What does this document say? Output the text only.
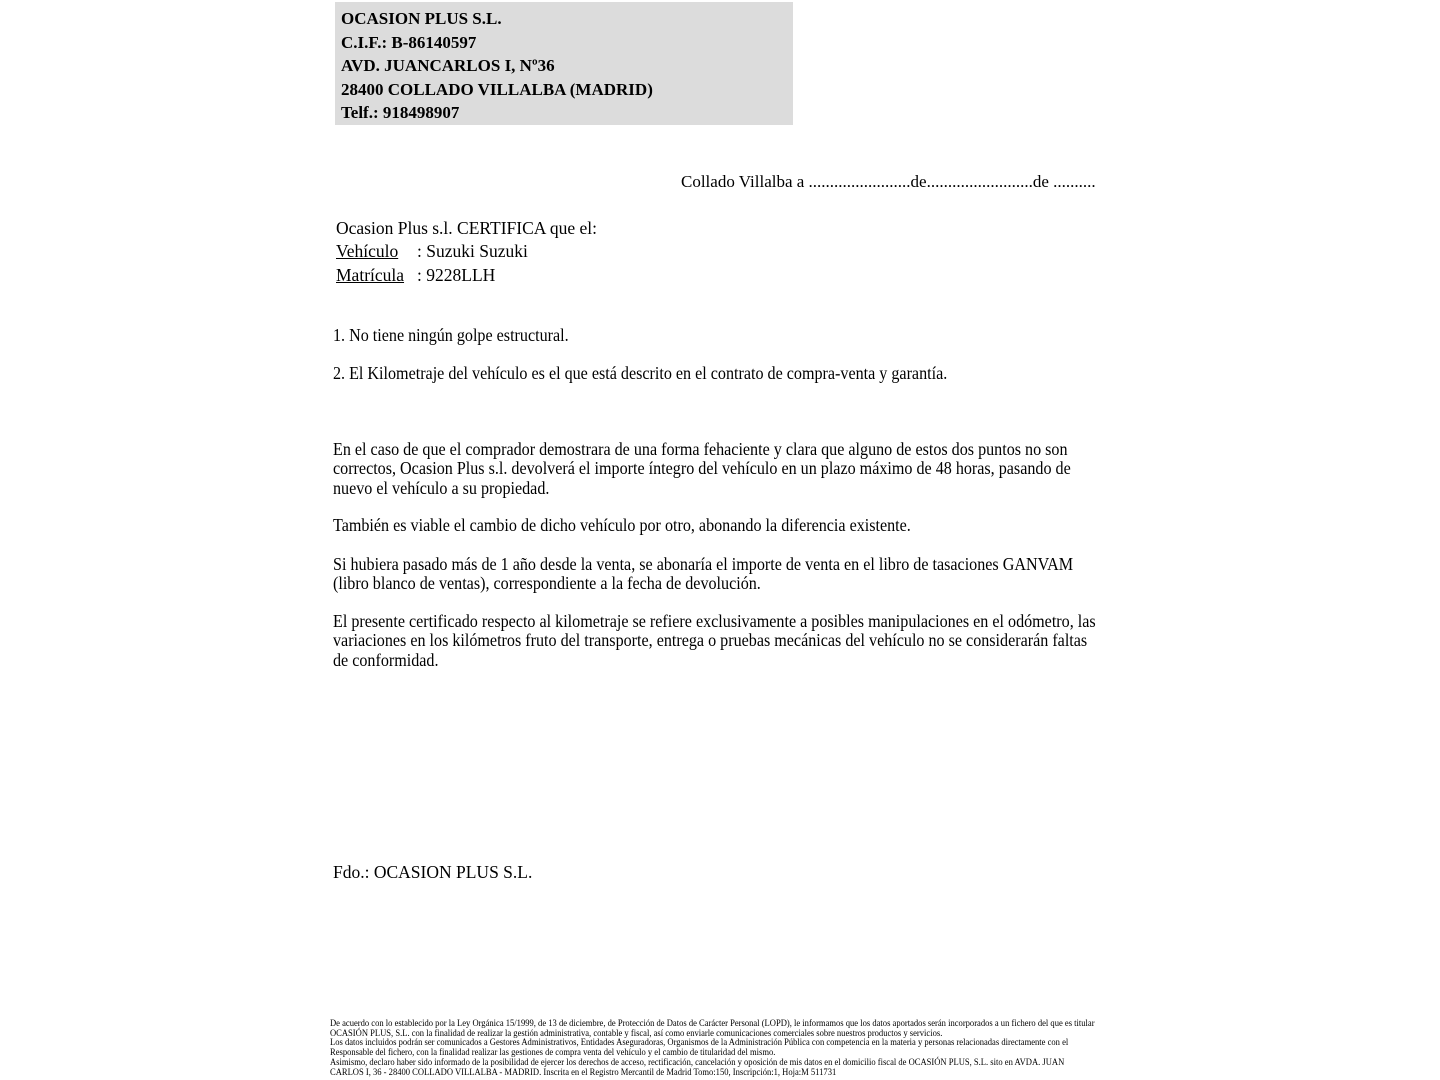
OCASION PLUS S.L.
C.I.F.: B-86140597
AVD. JUANCARLOS I, Nº36
28400 COLLADO VILLALBA (MADRID)
Telf.: 918498907
Collado Villalba a ........................de.........................de ..........
Ocasion Plus s.l. CERTIFICA que el:
Vehículo : Suzuki Suzuki
Matrícula : 9228LLH
1. No tiene ningún golpe estructural.
2. El Kilometraje del vehículo es el que está descrito en el contrato de compra-venta y garantía.
En el caso de que el comprador demostrara de una forma fehaciente y clara que alguno de estos dos puntos no son correctos, Ocasion Plus s.l. devolverá el importe íntegro del vehículo en un plazo máximo de 48 horas, pasando de nuevo el vehículo a su propiedad.
También es viable el cambio de dicho vehículo por otro, abonando la diferencia existente.
Si hubiera pasado más de 1 año desde la venta, se abonaría el importe de venta en el libro de tasaciones GANVAM (libro blanco de ventas), correspondiente a la fecha de devolución.
El presente certificado respecto al kilometraje se refiere exclusivamente a posibles manipulaciones en el odómetro, las variaciones en los kilómetros fruto del transporte, entrega o pruebas mecánicas del vehículo no se considerarán faltas de conformidad.
Fdo.: OCASION PLUS S.L.
De acuerdo con lo establecido por la Ley Orgánica 15/1999, de 13 de diciembre, de Protección de Datos de Carácter Personal (LOPD), le informamos que los datos aportados serán incorporados a un fichero del que es titular
OCASIÓN PLUS, S.L. con la finalidad de realizar la gestión administrativa, contable y fiscal, así como enviarle comunicaciones comerciales sobre nuestros productos y servicios.
Los datos incluidos podrán ser comunicados a Gestores Administrativos, Entidades Aseguradoras, Organismos de la Administración Pública con competencia en la materia y personas relacionadas directamente con el
Responsable del fichero, con la finalidad realizar las gestiones de compra venta del vehículo y el cambio de titularidad del mismo.
Asimismo, declaro haber sido informado de la posibilidad de ejercer los derechos de acceso, rectificación, cancelación y oposición de mis datos en el domicilio fiscal de OCASIÓN PLUS, S.L. sito en AVDA. JUAN
CARLOS I, 36 - 28400 COLLADO VILLALBA - MADRID. Inscrita en el Registro Mercantil de Madrid Tomo:150, Inscripción:1, Hoja:M 511731
